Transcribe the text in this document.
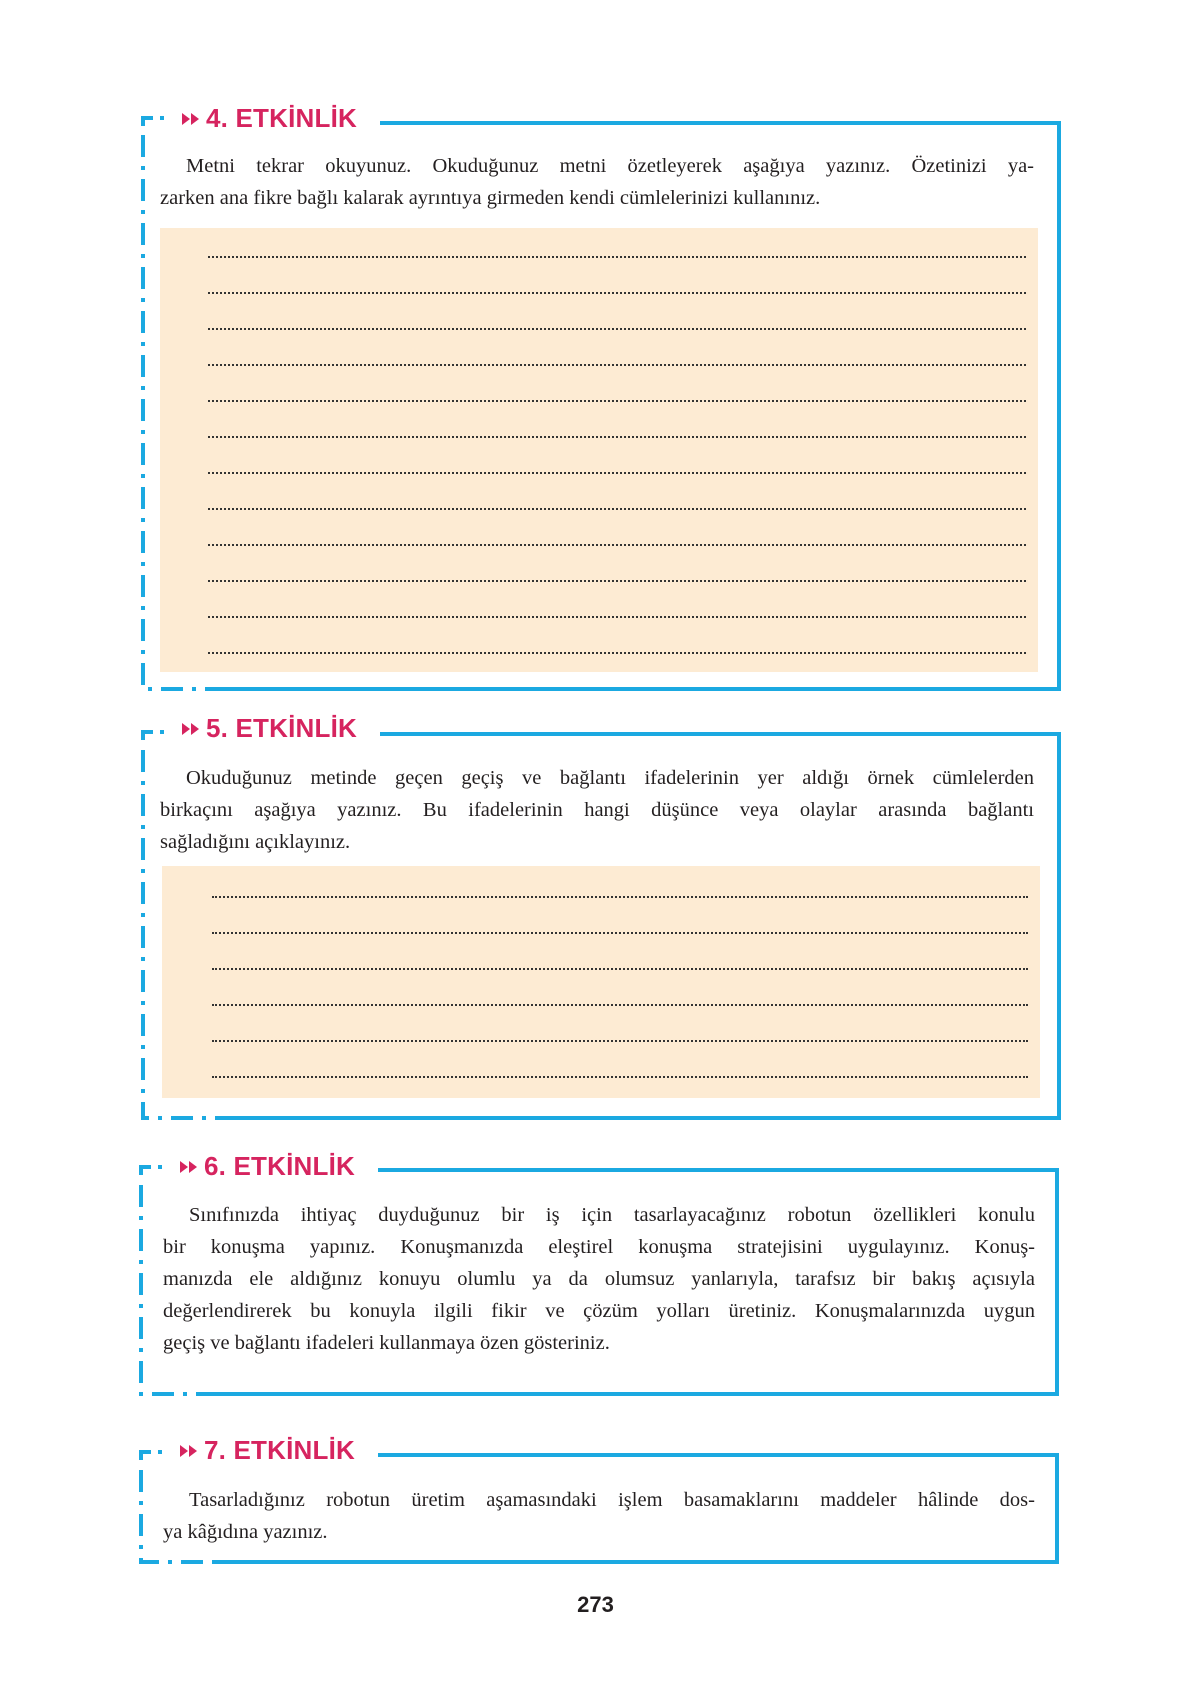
4. ETKİNLİK

Metni tekrar okuyunuz. Okuduğunuz metni özetleyerek aşağıya yazınız. Özetinizi ya-
zarken ana fikre bağlı kalarak ayrıntıya girmeden kendi cümlelerinizi kullanınız.

5. ETKİNLİK

Okuduğunuz metinde geçen geçiş ve bağlantı ifadelerinin yer aldığı örnek cümlelerden
birkaçını aşağıya yazınız. Bu ifadelerinin hangi düşünce veya olaylar arasında bağlantı
sağladığını açıklayınız.

6. ETKİNLİK

Sınıfınızda ihtiyaç duyduğunuz bir iş için tasarlayacağınız robotun özellikleri konulu
bir konuşma yapınız. Konuşmanızda eleştirel konuşma stratejisini uygulayınız. Konuş-
manızda ele aldığınız konuyu olumlu ya da olumsuz yanlarıyla, tarafsız bir bakış açısıyla
değerlendirerek bu konuyla ilgili fikir ve çözüm yolları üretiniz. Konuşmalarınızda uygun
geçiş ve bağlantı ifadeleri kullanmaya özen gösteriniz.

7. ETKİNLİK

Tasarladığınız robotun üretim aşamasındaki işlem basamaklarını maddeler hâlinde dos-
ya kâğıdına yazınız.

273
